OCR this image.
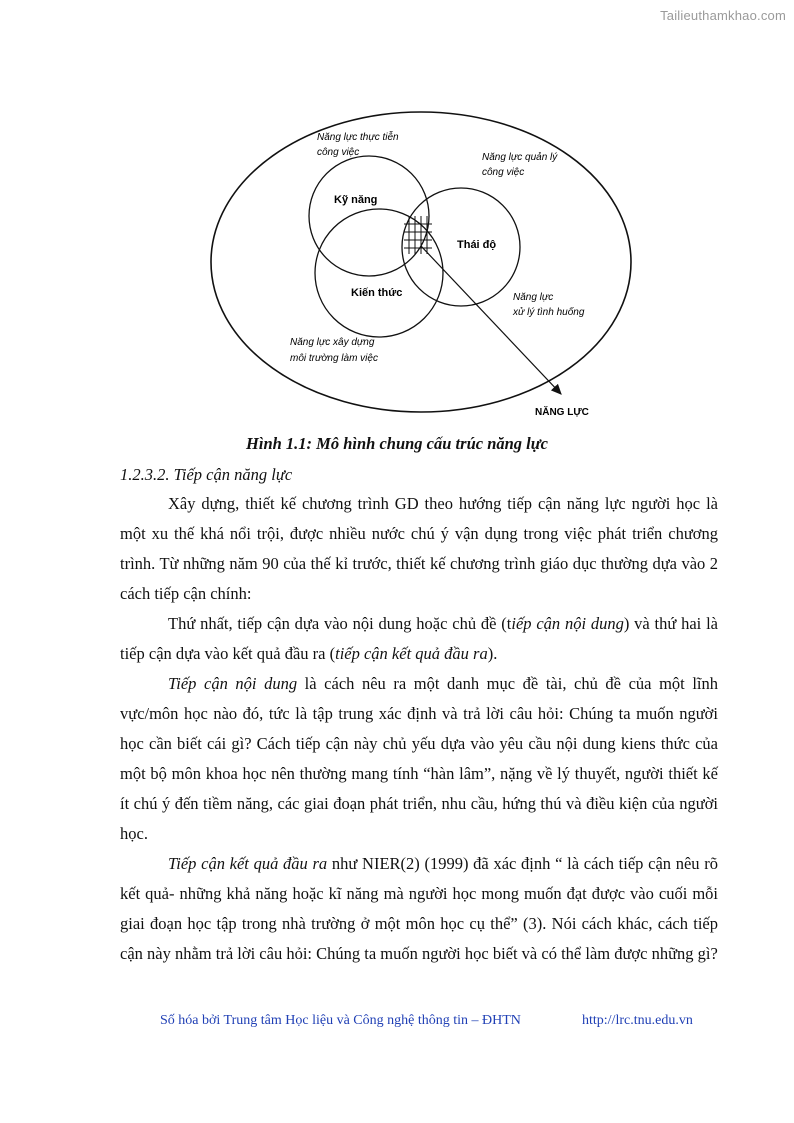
Tailieuthamkhao.com
Năng lực thực tiễn
công việc	Năng lực quản lý
công việc
Kỹ năng
Thái độ
Kiến thức	Năng lực
xử lý tình huống
Năng lực xây dựng
môi trường làm việc
NĂNG LỰC
Hình 1.1: Mô hình chung cấu trúc năng lực
1.2.3.2. Tiếp cận năng lực

Xây dựng, thiết kế chương trình GD theo hướng tiếp cận năng lực người học là một xu thế khá nổi trội, được nhiều nước chú ý vận dụng trong việc phát triển chương trình. Từ những năm 90 của thế kỉ trước, thiết kế chương trình giáo dục thường dựa vào 2 cách tiếp cận chính:

Thứ nhất, tiếp cận dựa vào nội dung hoặc chủ đề (tiếp cận nội dung) và thứ hai là tiếp cận dựa vào kết quả đầu ra (tiếp cận kết quả đầu ra).

Tiếp cận nội dung là cách nêu ra một danh mục đề tài, chủ đề của một lĩnh vực/môn học nào đó, tức là tập trung xác định và trả lời câu hỏi: Chúng ta muốn người học cần biết cái gì? Cách tiếp cận này chủ yếu dựa vào yêu cầu nội dung kiens thức của một bộ môn khoa học nên thường mang tính “hàn lâm”, nặng về lý thuyết, người thiết kế ít chú ý đến tiềm năng, các giai đoạn phát triển, nhu cầu, hứng thú và điều kiện của người học.

Tiếp cận kết quả đầu ra như NIER(2) (1999) đã xác định “ là cách tiếp cận nêu rõ kết quả- những khả năng hoặc kĩ năng mà người học mong muốn đạt được vào cuối mỗi giai đoạn học tập trong nhà trường ở một môn học cụ thể” (3). Nói cách khác, cách tiếp cận này nhằm trả lời câu hỏi: Chúng ta muốn người học biết và có thể làm được những gì?

Số hóa bởi Trung tâm Học liệu và Công nghệ thông tin – ĐHTN	http://lrc.tnu.edu.vn
